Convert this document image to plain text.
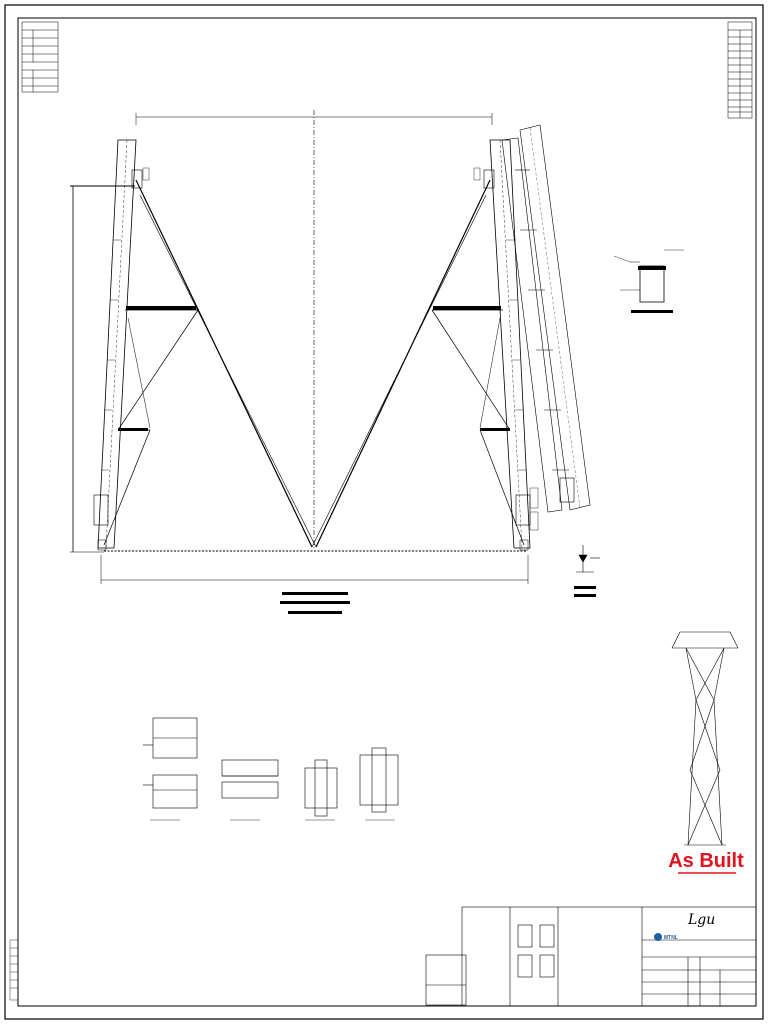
As Built
Lgu
MTNL
